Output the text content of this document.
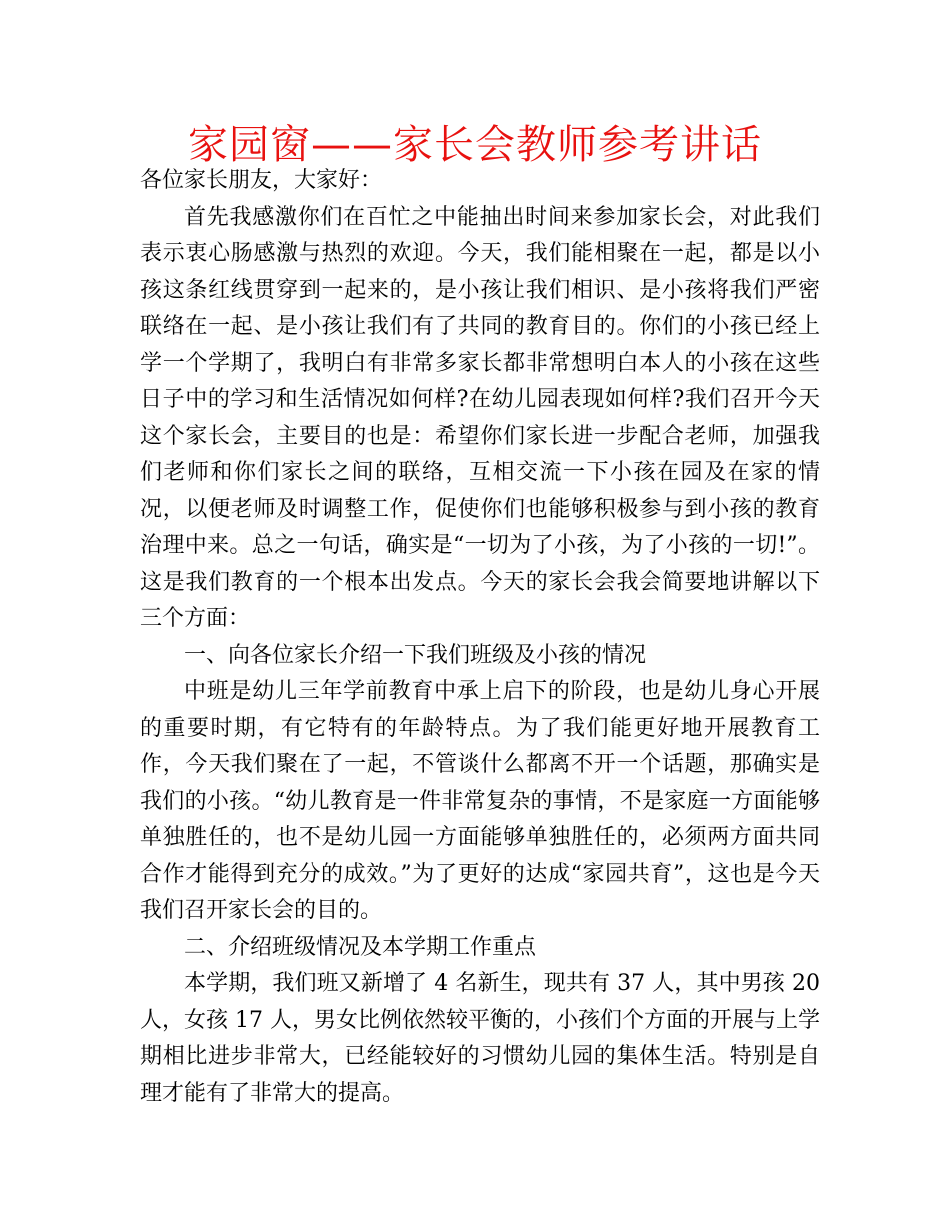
家园窗——家长会教师参考讲话

各位家长朋友，大家好：

首先我感激你们在百忙之中能抽出时间来参加家长会，对此我们表示衷心肠感激与热烈的欢迎。今天，我们能相聚在一起，都是以小孩这条红线贯穿到一起来的，是小孩让我们相识、是小孩将我们严密联络在一起、是小孩让我们有了共同的教育目的。你们的小孩已经上学一个学期了，我明白有非常多家长都非常想明白本人的小孩在这些日子中的学习和生活情况如何样?在幼儿园表现如何样?我们召开今天这个家长会，主要目的也是：希望你们家长进一步配合老师，加强我们老师和你们家长之间的联络，互相交流一下小孩在园及在家的情况，以便老师及时调整工作，促使你们也能够积极参与到小孩的教育治理中来。总之一句话，确实是“一切为了小孩，为了小孩的一切!”。这是我们教育的一个根本出发点。今天的家长会我会简要地讲解以下三个方面：

一、向各位家长介绍一下我们班级及小孩的情况

中班是幼儿三年学前教育中承上启下的阶段，也是幼儿身心开展的重要时期，有它特有的年龄特点。为了我们能更好地开展教育工作，今天我们聚在了一起，不管谈什么都离不开一个话题，那确实是我们的小孩。“幼儿教育是一件非常复杂的事情，不是家庭一方面能够单独胜任的，也不是幼儿园一方面能够单独胜任的，必须两方面共同合作才能得到充分的成效。”为了更好的达成“家园共育”，这也是今天我们召开家长会的目的。

二、介绍班级情况及本学期工作重点

本学期，我们班又新增了 4 名新生，现共有 37 人，其中男孩 20 人，女孩 17 人，男女比例依然较平衡的，小孩们个方面的开展与上学期相比进步非常大，已经能较好的习惯幼儿园的集体生活。特别是自理才能有了非常大的提高。
